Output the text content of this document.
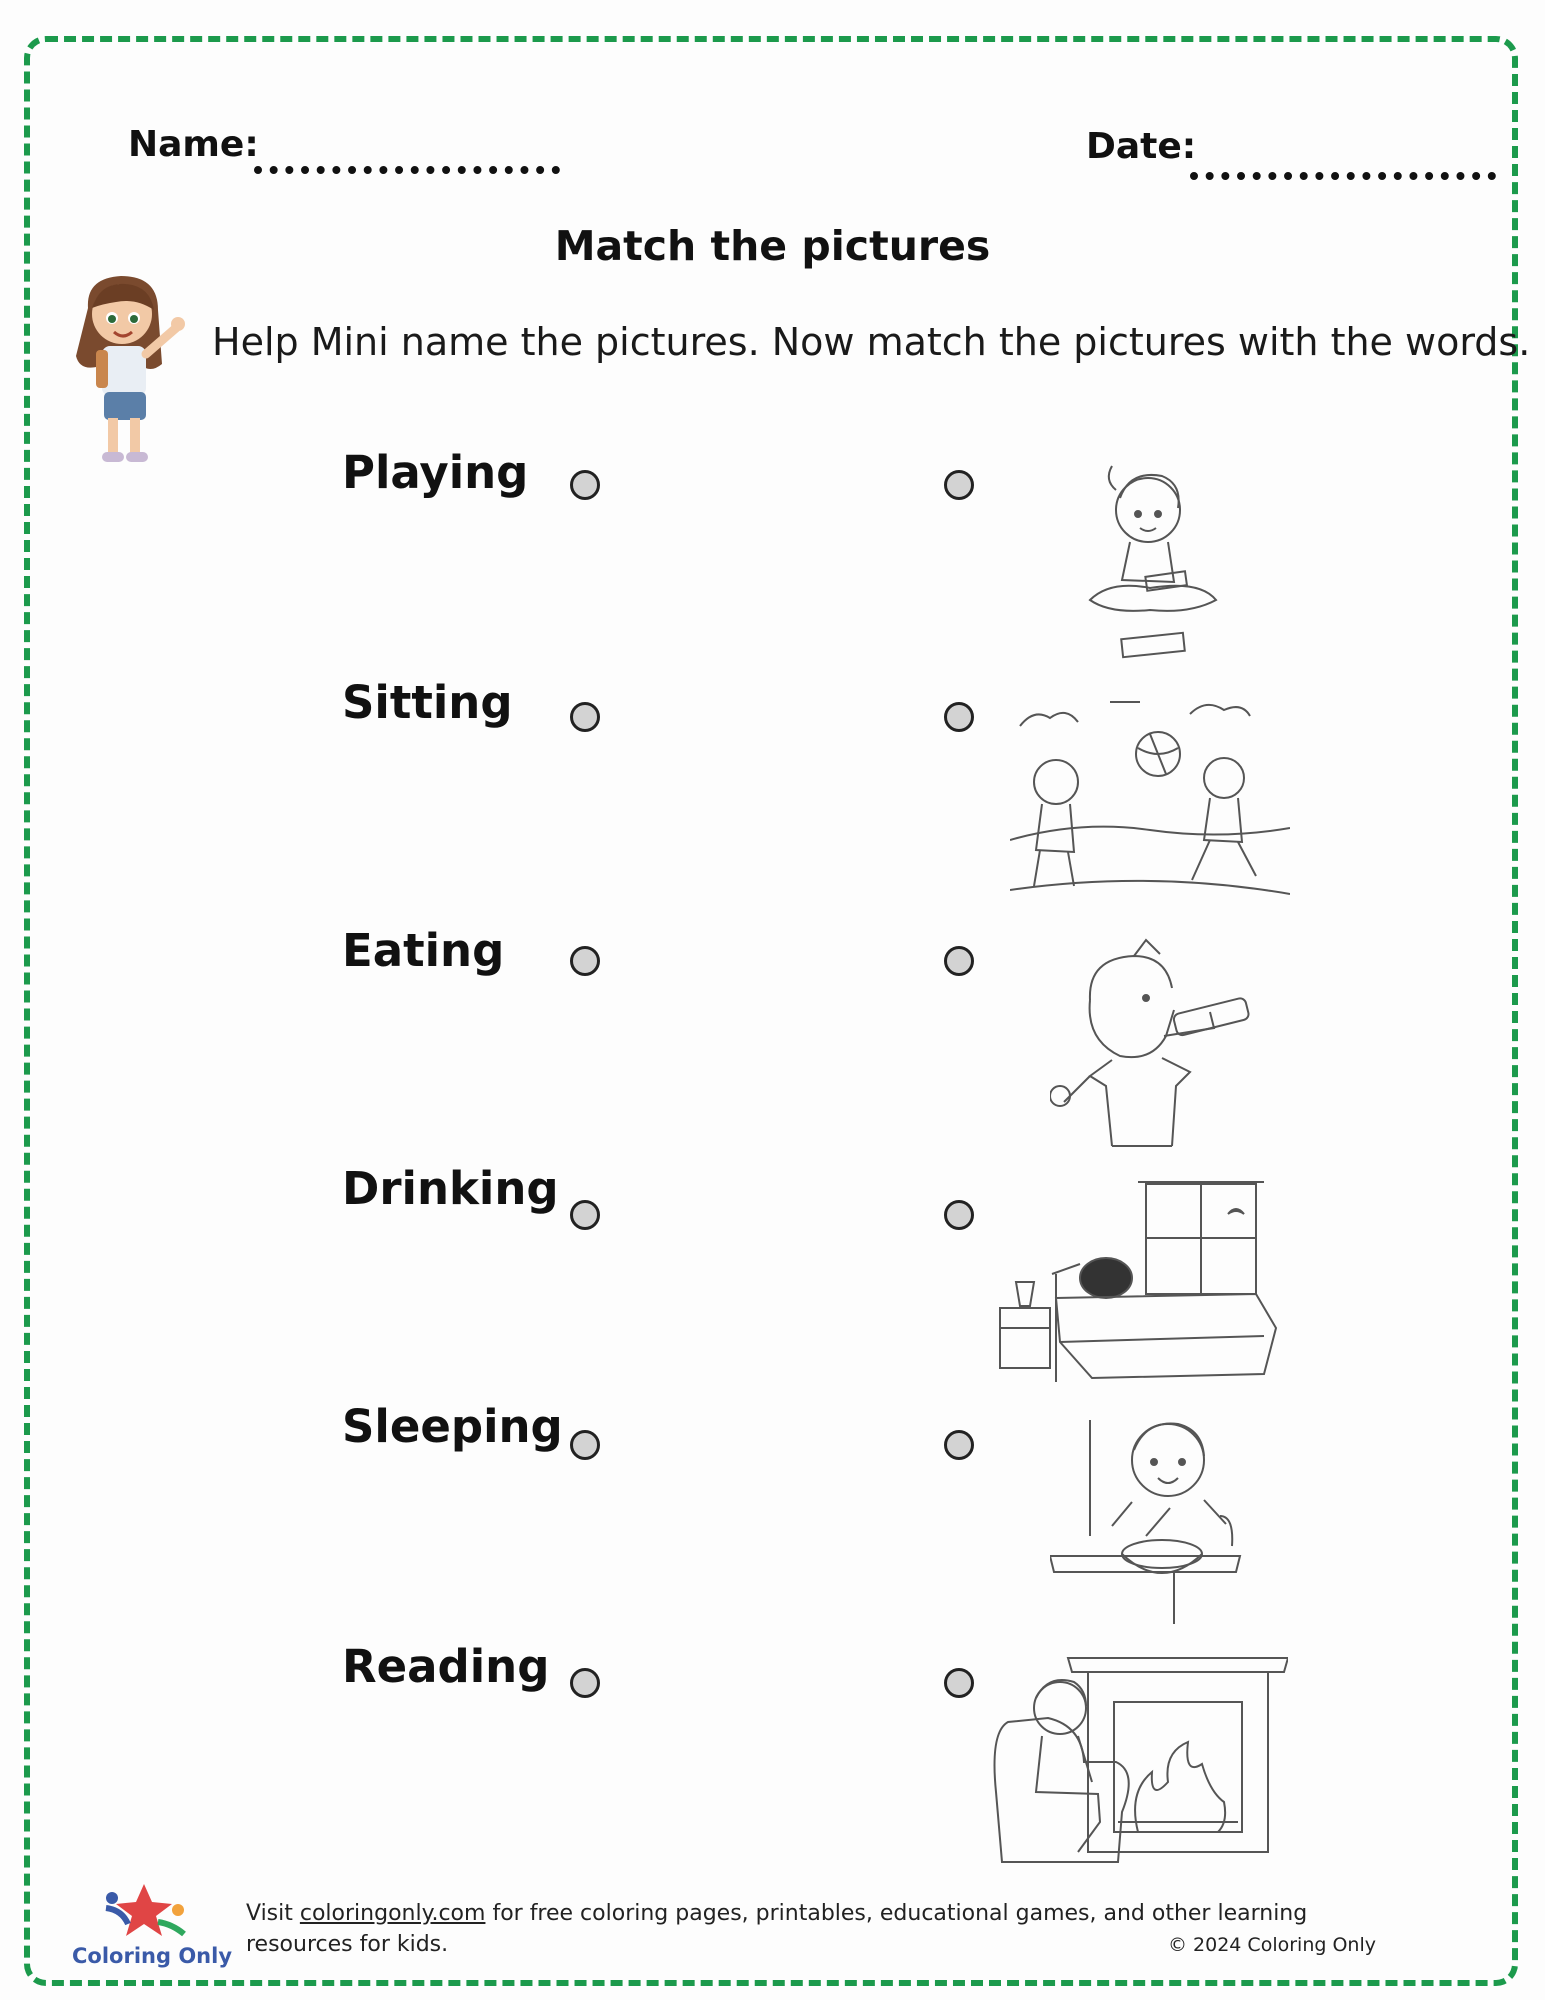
Name:	Date:
Match the pictures
Help Mini name the pictures. Now match the pictures with the words.
Playing
Sitting
Eating
Drinking
Sleeping
Reading
Coloring Only
Visit coloringonly.com for free coloring pages, printables, educational games, and other learning resources for kids.	© 2024 Coloring Only
